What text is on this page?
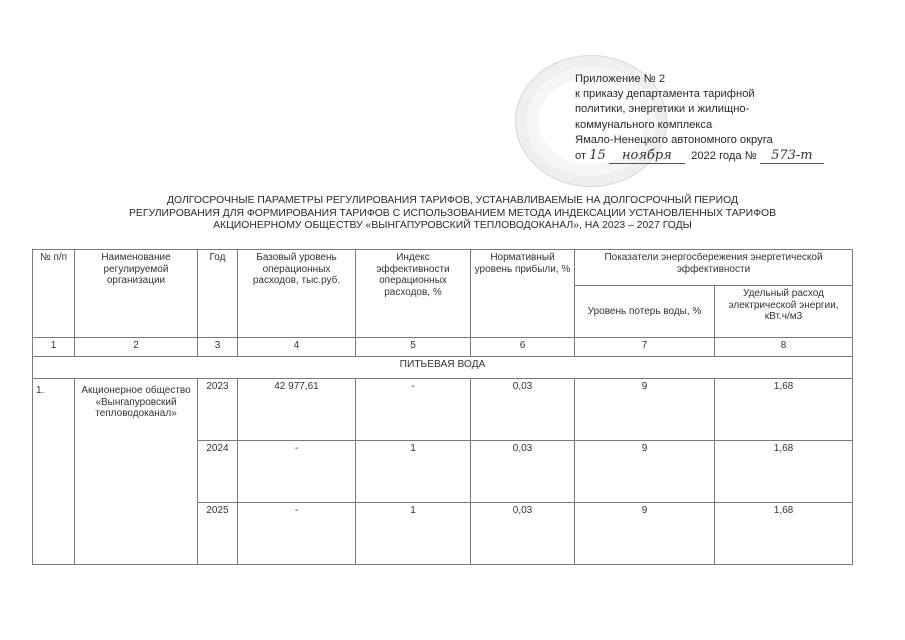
Приложение № 2
к приказу департамента тарифной
политики, энергетики и жилищно-
коммунального комплекса
Ямало-Ненецкого автономного округа
от 15 ноября 2022 года № 573-т
ДОЛГОСРОЧНЫЕ ПАРАМЕТРЫ РЕГУЛИРОВАНИЯ ТАРИФОВ, УСТАНАВЛИВАЕМЫЕ НА ДОЛГОСРОЧНЫЙ ПЕРИОД
РЕГУЛИРОВАНИЯ ДЛЯ ФОРМИРОВАНИЯ ТАРИФОВ С ИСПОЛЬЗОВАНИЕМ МЕТОДА ИНДЕКСАЦИИ УСТАНОВЛЕННЫХ ТАРИФОВ
АКЦИОНЕРНОМУ ОБЩЕСТВУ «ВЫНГАПУРОВСКИЙ ТЕПЛОВОДОКАНАЛ», НА 2023 – 2027 ГОДЫ
№ п/п	Наименование регулируемой организации	Год	Базовый уровень операционных расходов, тыс.руб.	Индекс эффективности операционных расходов, %	Нормативный уровень прибыли, %	Показатели энергосбережения энергетической эффективности	
						Уровень потерь воды, %	Удельный расход электрической энергии, кВт.ч/м3
1	2	3	4	5	6	7	8
ПИТЬЕВАЯ ВОДА							
1.	Акционерное общество «Вынгапуровский тепловодоканал»	2023	42 977,61	-	0,03	9	1,68
		2024	-	1	0,03	9	1,68
		2025	-	1	0,03	9	1,68
